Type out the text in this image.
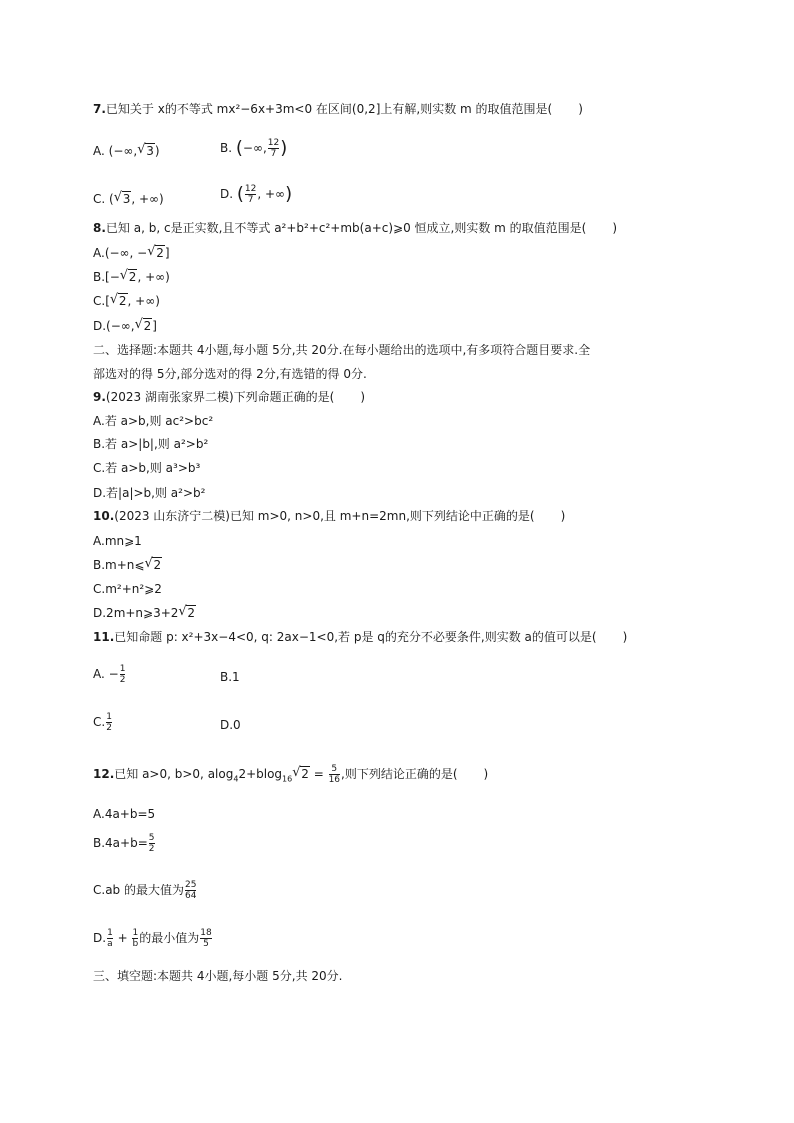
7.已知关于 x的不等式 mx²−6x+3m<0 在区间(0,2]上有解,则实数 m 的取值范围是( )
A. (−∞, √ 3)	B. (−∞, $\frac{12}{7}$ )
C. ( √ 3, +∞)	D. ( $\frac{12}{7}$ , +∞)
8.已知 a, b, c是正实数,且不等式 a²+b²+c²+mb(a+c)⩾0 恒成立,则实数 m 的取值范围是( )
A.(−∞, − √ 2]
B.[− √ 2, +∞)
C.[ √ 2, +∞)
D.(−∞, √ 2]
二、选择题:本题共 4小题,每小题 5分,共 20分.在每小题给出的选项中,有多项符合题目要求.全
部选对的得 5分,部分选对的得 2分,有选错的得 0分.
9.(2023 湖南张家界二模)下列命题正确的是( )
A.若 a>b,则 ac²>bc²
B.若 a>|b|,则 a²>b²
C.若 a>b,则 a³>b³
D.若|a|>b,则 a²>b²
10.(2023 山东济宁二模)已知 m>0, n>0,且 m+n=2mn,则下列结论中正确的是( )
A.mn⩾1
B.m+n⩽ √ 2
C.m²+n²⩾2
D.2m+n⩾3+2 √ 2
11.已知命题 p: x²+3x−4<0, q: 2ax−1<0,若 p是 q的充分不必要条件,则实数 a的值可以是( )
A. − $\frac{1}{2}$	B.1
C. $\frac{1}{2}$	D.0
12.已知 a>0, b>0, alog$_4$2+blog$_{16}$ √ $2 = \frac{5}{16}$ ,则下列结论正确的是( )
A.4a+b=5
$B.4a+b= \frac{5}{2}$
C.ab 的最大值为 $\frac{25}{64}$
D. $\frac{1}{a} + \frac{1}{b}$ 的最小值为 $\frac{18}{5}$
三、填空题:本题共 4小题,每小题 5分,共 20分.
